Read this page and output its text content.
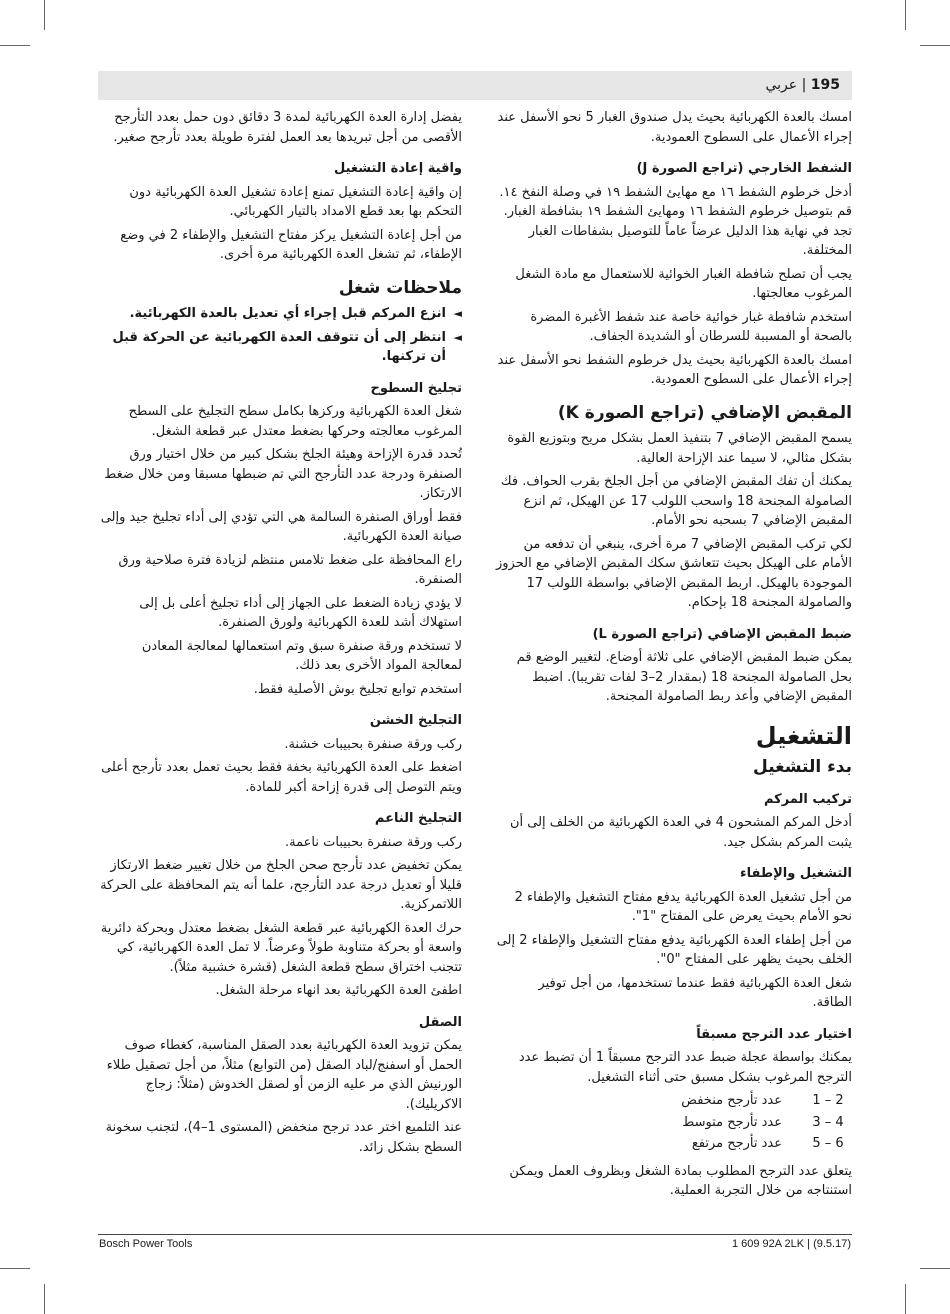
195 | عربي
امسك بالعدة الكهربائية بحيث يدل صندوق الغبار 5 نحو الأسفل عند إجراء الأعمال على السطوح العمودية.
الشفط الخارجي (تراجع الصورة J)
أدخل خرطوم الشفط ١٦ مع مهايئ الشفط ١٩ في وصلة النفخ ١٤. قم بتوصيل خرطوم الشفط ١٦ ومهايئ الشفط ١٩ بشافطة الغبار. تجد في نهاية هذا الدليل عرضاً عاماً للتوصيل بشفاطات الغبار المختلفة.
يجب أن تصلح شافطة الغبار الخوائية للاستعمال مع مادة الشغل المرغوب معالجتها.
استخدم شافطة غبار خوائية خاصة عند شفط الأغبرة المضرة بالصحة أو المسببة للسرطان أو الشديدة الجفاف.
امسك بالعدة الكهربائية بحيث يدل خرطوم الشفط نحو الأسفل عند إجراء الأعمال على السطوح العمودية.
المقبض الإضافي (تراجع الصورة K)
يسمح المقبض الإضافي 7 بتنفيذ العمل بشكل مريح وبتوزيع القوة بشكل مثالي، لا سيما عند الإزاحة العالية.
يمكنك أن تفك المقبض الإضافي من أجل الجلخ بقرب الحواف. فك الصامولة المجنحة 18 واسحب اللولب 17 عن الهيكل، ثم انزع المقبض الإضافي 7 بسحبه نحو الأمام.
لكي تركب المقبض الإضافي 7 مرة أخرى، ينبغي أن تدفعه من الأمام على الهيكل بحيث تتعاشق سكك المقبض الإضافي مع الحزوز الموجودة بالهيكل. اربط المقبض الإضافي بواسطة اللولب 17 والصامولة المجنحة 18 بإحكام.
ضبط المقبض الإضافي (تراجع الصورة L)
يمكن ضبط المقبض الإضافي على ثلاثة أوضاع. لتغيير الوضع قم بحل الصامولة المجنحة 18 (بمقدار 2–3 لفات تقريبا). اضبط المقبض الإضافي وأعد ربط الصامولة المجنحة.
التشغيل
بدء التشغيل
تركيب المركم
أدخل المركم المشحون 4 في العدة الكهربائية من الخلف إلى أن يثبت المركم بشكل جيد.
التشغيل والإطفاء
من أجل تشغيل العدة الكهربائية يدفع مفتاح التشغيل والإطفاء 2 نحو الأمام بحيث يعرض على المفتاح "1".
من أجل إطفاء العدة الكهربائية يدفع مفتاح التشغيل والإطفاء 2 إلى الخلف بحيث يظهر على المفتاح "0".
شغل العدة الكهربائية فقط عندما تستخدمها، من أجل توفير الطاقة.
اختيار عدد الترجح مسبقاً
يمكنك بواسطة عجلة ضبط عدد الترجح مسبقاً 1 أن تضبط عدد الترجح المرغوب بشكل مسبق حتى أثناء التشغيل.
1 – 2
عدد تأرجح منخفض
3 – 4
عدد تأرجح متوسط
5 – 6
عدد تأرجح مرتفع
يتعلق عدد الترجح المطلوب بمادة الشغل وبظروف العمل ويمكن استنتاجه من خلال التجربة العملية.
يفضل إدارة العدة الكهربائية لمدة 3 دقائق دون حمل بعدد التأرجح الأقصى من أجل تبريدها بعد العمل لفترة طويلة بعدد تأرجح صغير.
واقية إعادة التشغيل
إن واقية إعادة التشغيل تمنع إعادة تشغيل العدة الكهربائية دون التحكم بها بعد قطع الامداد بالتيار الكهربائي.
من أجل إعادة التشغيل يركز مفتاح التشغيل والإطفاء 2 في وضع الإطفاء، ثم تشغل العدة الكهربائية مرة أخرى.
ملاحظات شغل
◄ انزع المركم قبل إجراء أي تعديل بالعدة الكهربائية.
◄ انتظر إلى أن تتوقف العدة الكهربائية عن الحركة قبل أن تركنها.
تجليخ السطوح
شغل العدة الكهربائية وركزها بكامل سطح التجليخ على السطح المرغوب معالجته وحركها بضغط معتدل عبر قطعة الشغل.
تُحدد قدرة الإزاحة وهيئة الجلخ بشكل كبير من خلال اختيار ورق الصنفرة ودرجة عدد التأرجح التي تم ضبطها مسبقا ومن خلال ضغط الارتكاز.
فقط أوراق الصنفرة السالمة هي التي تؤدي إلى أداء تجليخ جيد وإلى صيانة العدة الكهربائية.
راع المحافظة على ضغط تلامس منتظم لزيادة فترة صلاحية ورق الصنفرة.
لا يؤدي زيادة الضغط على الجهاز إلى أداء تجليخ أعلى بل إلى استهلاك أشد للعدة الكهربائية ولورق الصنفرة.
لا تستخدم ورقة صنفرة سبق وتم استعمالها لمعالجة المعادن لمعالجة المواد الأخرى بعد ذلك.
استخدم توابع تجليخ بوش الأصلية فقط.
التجليخ الخشن
ركب ورقة صنفرة بحبيبات خشنة.
اضغط على العدة الكهربائية بخفة فقط بحيث تعمل بعدد تأرجح أعلى ويتم التوصل إلى قدرة إزاحة أكبر للمادة.
التجليخ الناعم
ركب ورقة صنفرة بحبيبات ناعمة.
يمكن تخفيض عدد تأرجح صحن الجلخ من خلال تغيير ضغط الارتكاز قليلا أو تعديل درجة عدد التأرجح، علما أنه يتم المحافظة على الحركة اللاتمركزية.
حرك العدة الكهربائية عبر قطعة الشغل بضغط معتدل وبحركة دائرية واسعة أو بحركة متناوبة طولاً وعرضاً. لا تمل العدة الكهربائية، كي تتجنب اختراق سطح قطعة الشغل (قشرة خشبية مثلاً).
اطفئ العدة الكهربائية بعد انهاء مرحلة الشغل.
الصقل
يمكن تزويد العدة الكهربائية بعدد الصقل المناسبة، كغطاء صوف الحمل أو اسفنج/لباد الصقل (من التوابع) مثلاً، من أجل تصقيل طلاء الورنيش الذي مر عليه الزمن أو لصقل الخدوش (مثلاً: زجاج الاكريليك).
عند التلميع اختر عدد ترجح منخفض (المستوى 1–4)، لتجنب سخونة السطح بشكل زائد.
Bosch Power Tools	1 609 92A 2LK | (9.5.17)
